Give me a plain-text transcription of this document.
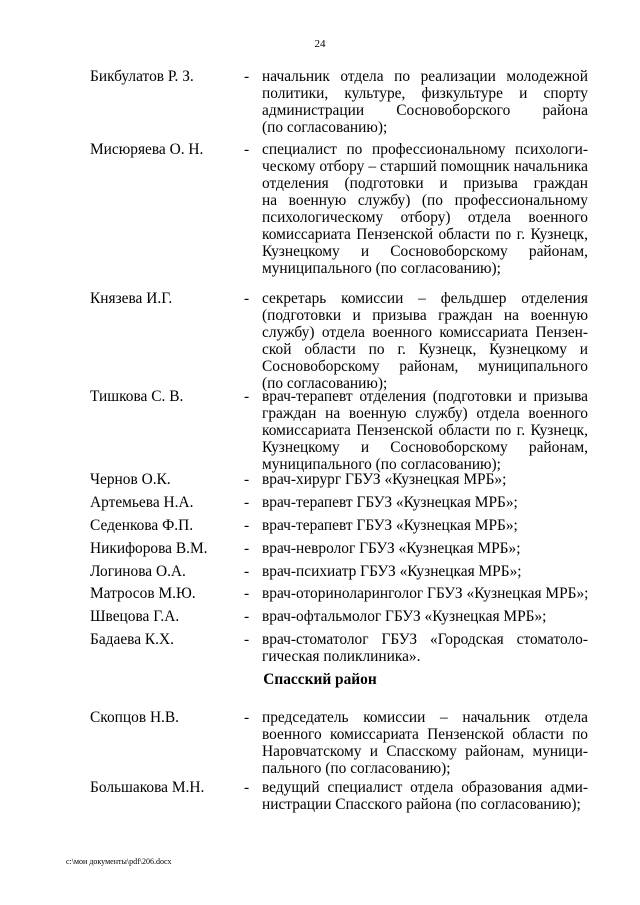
24
Бикбулатов Р. З.	- начальник отдела по реализации молодежной
политики, культуре, физкультуре и спорту
администрации Сосновоборского района
(по согласованию);
Мисюряева О. Н.	- специалист по профессиональному психологи-
ческому отбору – старший помощник начальника
отделения (подготовки и призыва граждан
на военную службу) (по профессиональному
психологическому отбору) отдела военного
комиссариата Пензенской области по г. Кузнецк,
Кузнецкому и Сосновоборскому районам,
муниципального (по согласованию);
Князева И.Г.	- секретарь комиссии – фельдшер отделения
(подготовки и призыва граждан на военную
службу) отдела военного комиссариата Пензен-
ской области по г. Кузнецк, Кузнецкому и
Сосновоборскому районам, муниципального
(по согласованию);
Тишкова С. В.	- врач-терапевт отделения (подготовки и призыва
граждан на военную службу) отдела военного
комиссариата Пензенской области по г. Кузнецк,
Кузнецкому и Сосновоборскому районам,
муниципального (по согласованию);
Чернов О.К.	- врач-хирург ГБУЗ «Кузнецкая МРБ»;
Артемьева Н.А.	- врач-терапевт ГБУЗ «Кузнецкая МРБ»;
Седенкова Ф.П.	- врач-терапевт ГБУЗ «Кузнецкая МРБ»;
Никифорова В.М. - врач-невролог ГБУЗ «Кузнецкая МРБ»;
Логинова О.А.	- врач-психиатр ГБУЗ «Кузнецкая МРБ»;
Матросов М.Ю.	- врач-оториноларинголог ГБУЗ «Кузнецкая МРБ»;
Швецова Г.А.	- врач-офтальмолог ГБУЗ «Кузнецкая МРБ»;
Бадаева К.Х.	- врач-стоматолог ГБУЗ «Городская стоматоло-
гическая поликлиника».
Спасский район
Скопцов Н.В.	- председатель комиссии – начальник отдела
военного комиссариата Пензенской области по
Наровчатскому и Спасскому районам, муници-
пального (по согласованию);
Большакова М.Н.	- ведущий специалист отдела образования адми-
нистрации Спасского района (по согласованию);
c:\мои документы\pdf\206.docx
